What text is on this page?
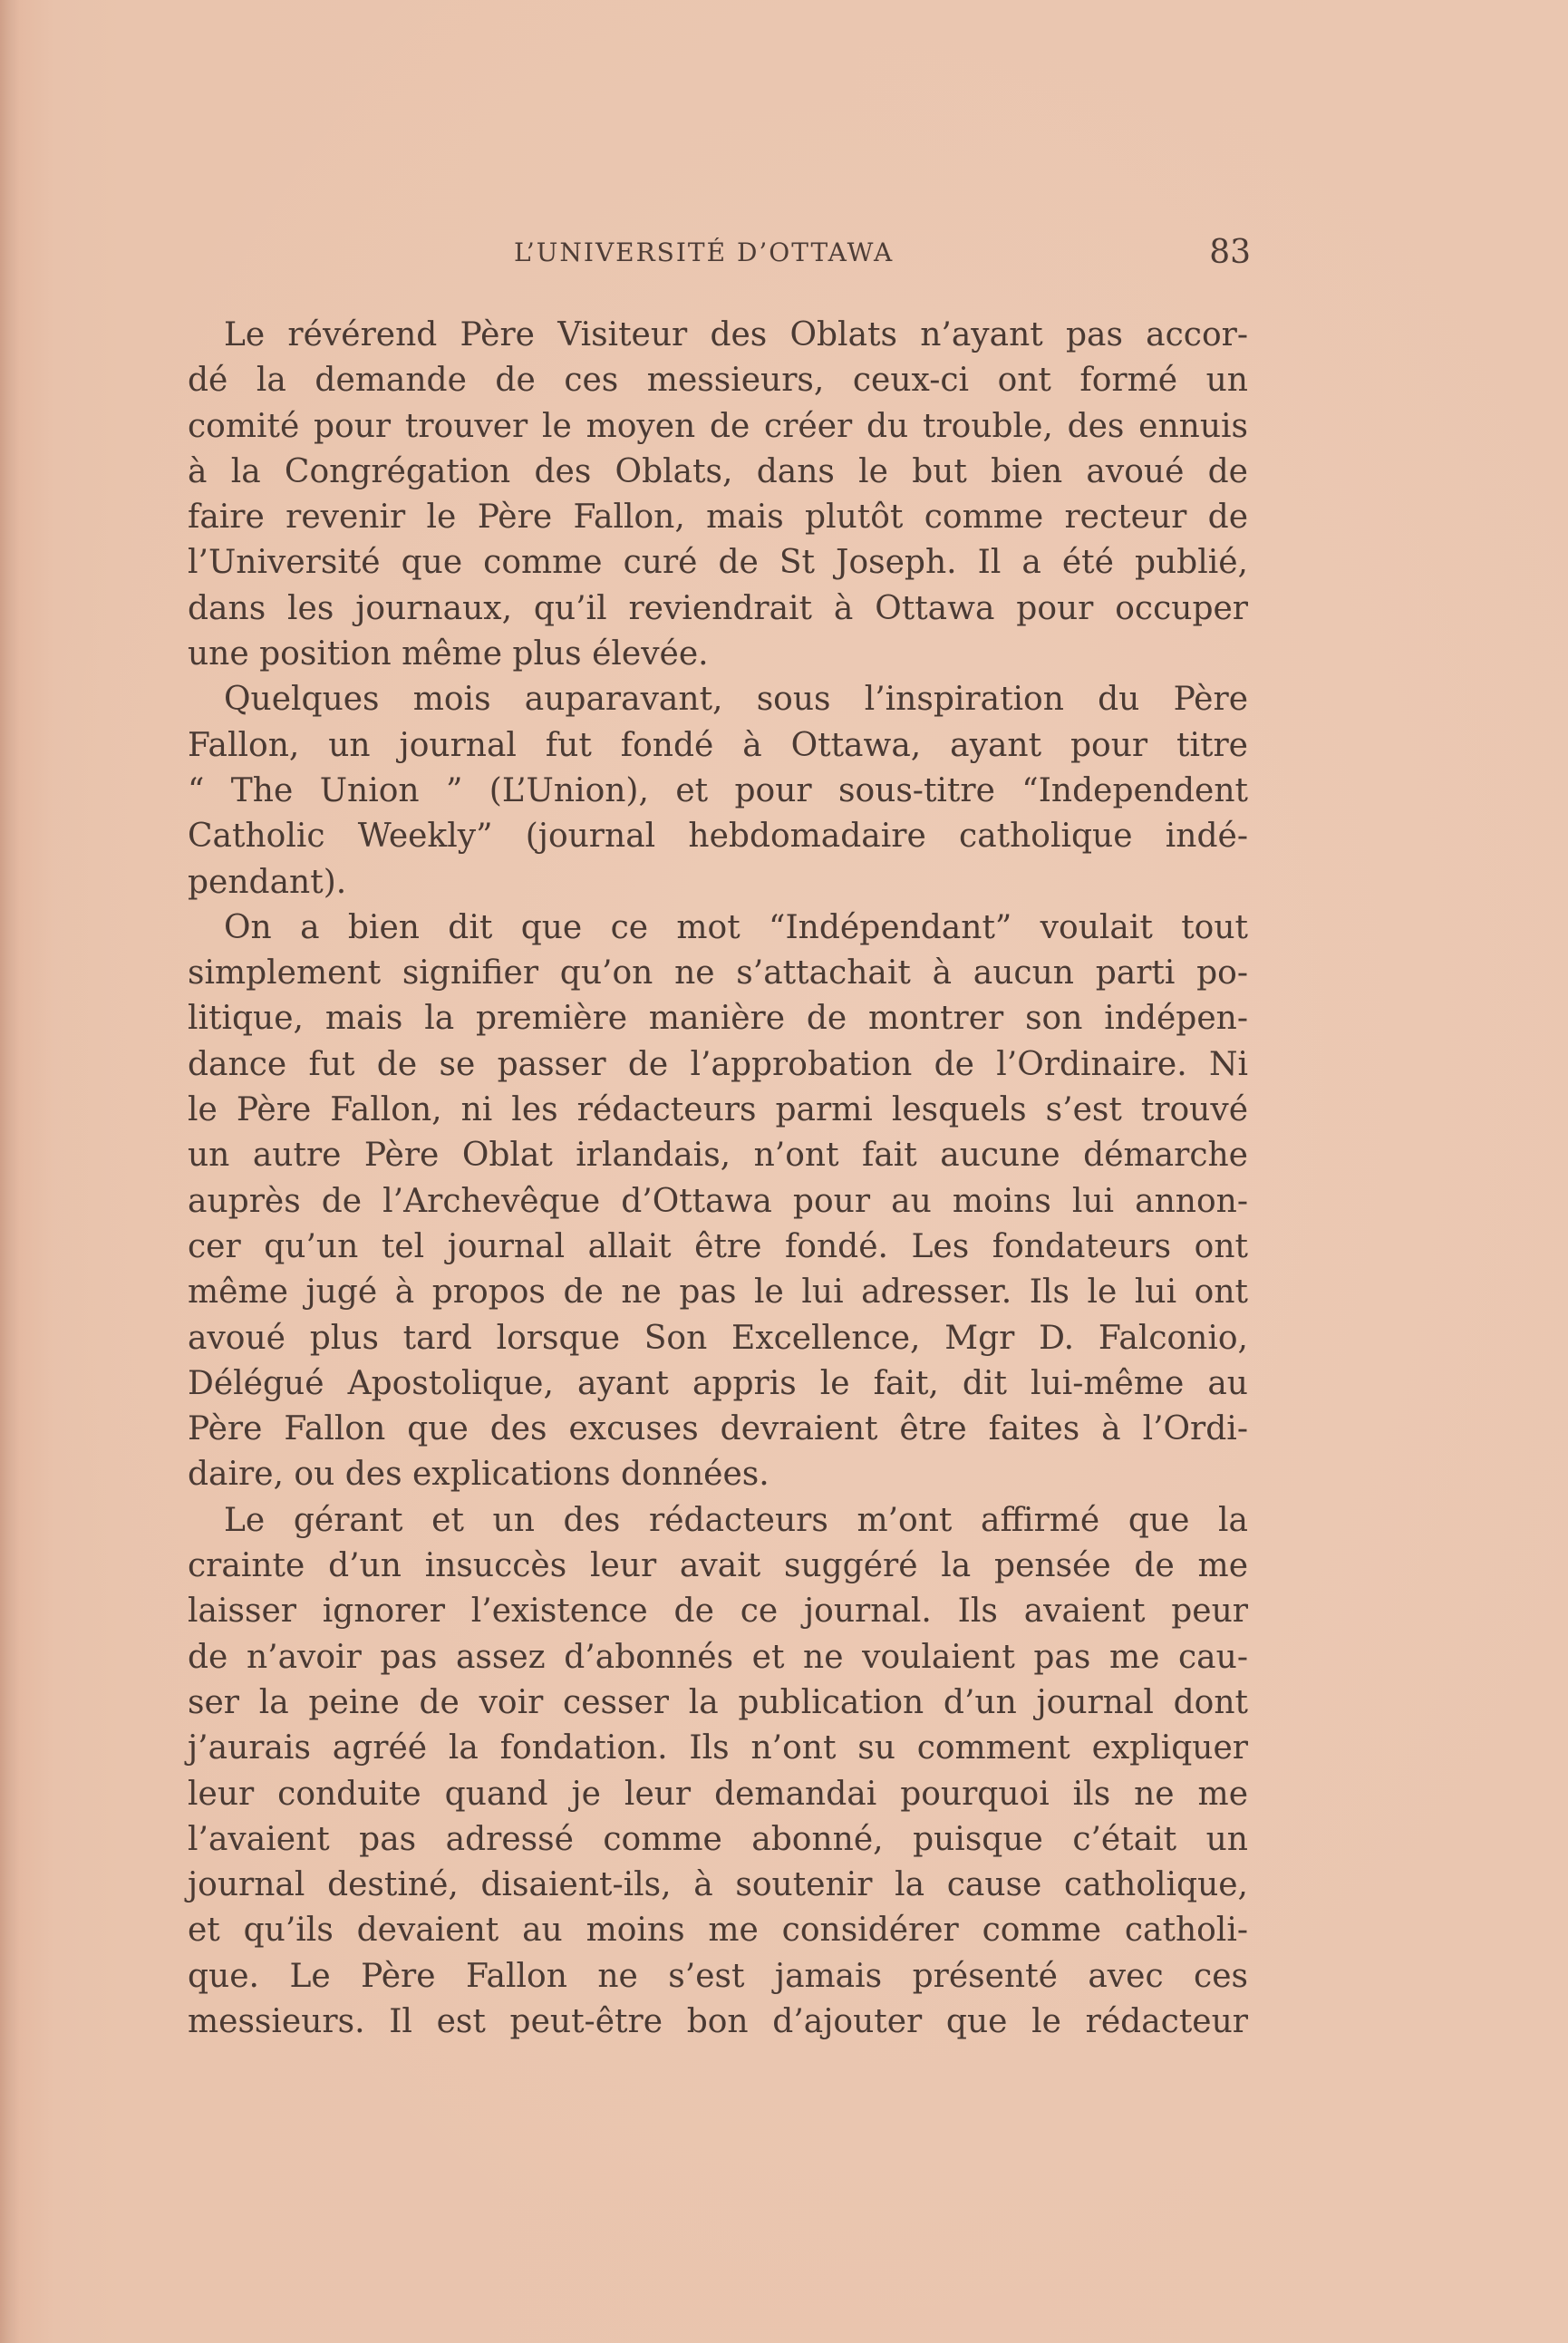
L’UNIVERSITÉ D’OTTAWA	83
Le révérend Père Visiteur des Oblats n’ayant pas accor-
dé la demande de ces messieurs, ceux-ci ont formé un
comité pour trouver le moyen de créer du trouble, des ennuis
à la Congrégation des Oblats, dans le but bien avoué de
faire revenir le Père Fallon, mais plutôt comme recteur de
l’Université que comme curé de St Joseph. Il a été publié,
dans les journaux, qu’il reviendrait à Ottawa pour occuper
une position même plus élevée.
Quelques mois auparavant, sous l’inspiration du Père
Fallon, un journal fut fondé à Ottawa, ayant pour titre
“ The Union ” (L’Union), et pour sous-titre “Independent
Catholic Weekly” (journal hebdomadaire catholique indé-
pendant).
On a bien dit que ce mot “Indépendant” voulait tout
simplement signifier qu’on ne s’attachait à aucun parti po-
litique, mais la première manière de montrer son indépen-
dance fut de se passer de l’approbation de l’Ordinaire. Ni
le Père Fallon, ni les rédacteurs parmi lesquels s’est trouvé
un autre Père Oblat irlandais, n’ont fait aucune démarche
auprès de l’Archevêque d’Ottawa pour au moins lui annon-
cer qu’un tel journal allait être fondé. Les fondateurs ont
même jugé à propos de ne pas le lui adresser. Ils le lui ont
avoué plus tard lorsque Son Excellence, Mgr D. Falconio,
Délégué Apostolique, ayant appris le fait, dit lui-même au
Père Fallon que des excuses devraient être faites à l’Ordi-
daire, ou des explications données.
Le gérant et un des rédacteurs m’ont affirmé que la
crainte d’un insuccès leur avait suggéré la pensée de me
laisser ignorer l’existence de ce journal. Ils avaient peur
de n’avoir pas assez d’abonnés et ne voulaient pas me cau-
ser la peine de voir cesser la publication d’un journal dont
j’aurais agréé la fondation. Ils n’ont su comment expliquer
leur conduite quand je leur demandai pourquoi ils ne me
l’avaient pas adressé comme abonné, puisque c’était un
journal destiné, disaient-ils, à soutenir la cause catholique,
et qu’ils devaient au moins me considérer comme catholi-
que. Le Père Fallon ne s’est jamais présenté avec ces
messieurs. Il est peut-être bon d’ajouter que le rédacteur
